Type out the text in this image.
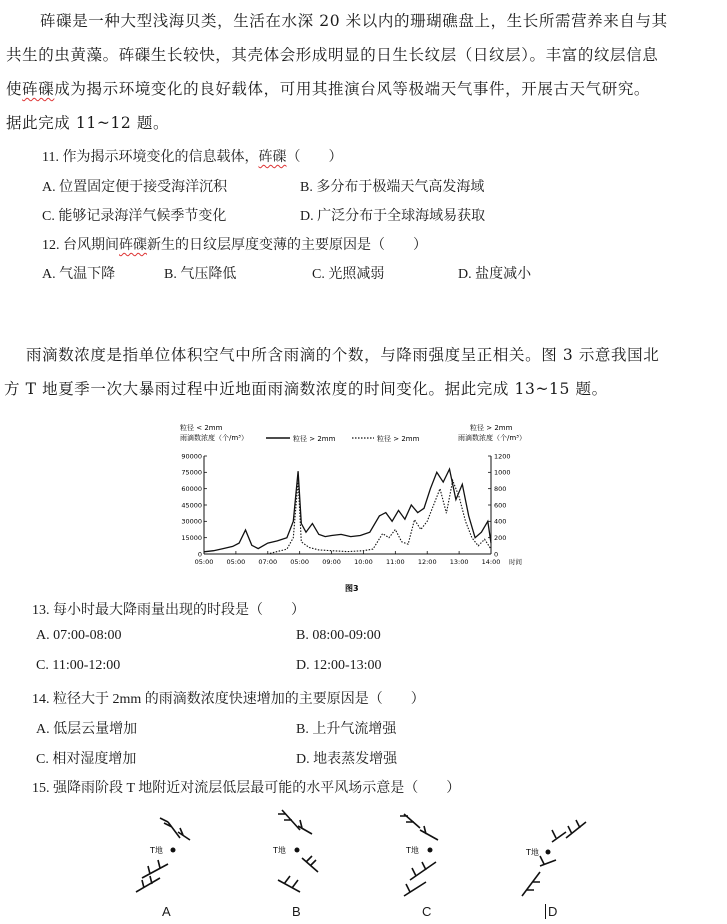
砗磲是一种大型浅海贝类，生活在水深 20 米以内的珊瑚礁盘上，生长所需营养来自与其
共生的虫黄藻。砗磲生长较快，其壳体会形成明显的日生长纹层（日纹层）。丰富的纹层信息
使砗磲成为揭示环境变化的良好载体，可用其推演台风等极端天气事件，开展古天气研究。
据此完成 11~12 题。
11. 作为揭示环境变化的信息载体，砗磲（　　）
A. 位置固定便于接受海洋沉积	B. 多分布于极端天气高发海域
C. 能够记录海洋气候季节变化	D. 广泛分布于全球海域易获取
12. 台风期间砗磲新生的日纹层厚度变薄的主要原因是（　　）
A. 气温下降	B. 气压降低	C. 光照减弱	D. 盐度减小
雨滴数浓度是指单位体积空气中所含雨滴的个数，与降雨强度呈正相关。图 3 示意我国北
方 T 地夏季一次大暴雨过程中近地面雨滴数浓度的时间变化。据此完成 13~15 题。
粒径 < 2mm
雨滴数浓度（个/m³）	粒径 > 2mm	粒径 > 2mm
粒径 > 2mm
雨滴数浓度（个/m³）
90000
75000
60000
45000
30000
15000
0
1200
1000
800
600
400
200
0
05:00 05:00 07:00 05:00 09:00 10:00 11:00 12:00 13:00 14:00 时间
图3
13. 每小时最大降雨量出现的时段是（　　）
A. 07:00-08:00	B. 08:00-09:00
C. 11:00-12:00	D. 12:00-13:00
14. 粒径大于 2mm 的雨滴数浓度快速增加的主要原因是（　　）
A. 低层云量增加	B. 上升气流增强
C. 相对湿度增加	D. 地表蒸发增强
15. 强降雨阶段 T 地附近对流层低层最可能的水平风场示意是（　　）
T地	T地	T地	T地
A	B	C	D
